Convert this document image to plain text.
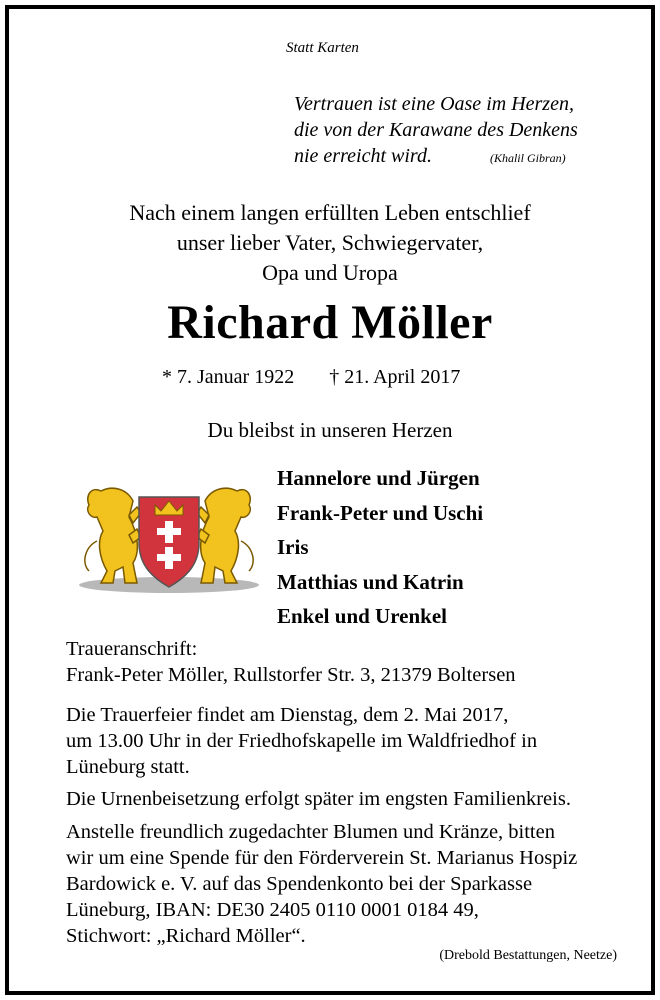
Statt Karten
Vertrauen ist eine Oase im Herzen,
die von der Karawane des Denkens
nie erreicht wird.	(Khalil Gibran)
Nach einem langen erfüllten Leben entschlief
unser lieber Vater, Schwiegervater,
Opa und Uropa
Richard Möller
* 7. Januar 1922 † 21. April 2017
Du bleibst in unseren Herzen
Hannelore und Jürgen
Frank-Peter und Uschi
Iris
Matthias und Katrin
Enkel und Urenkel
Traueranschrift:
Frank-Peter Möller, Rullstorfer Str. 3, 21379 Boltersen
Die Trauerfeier findet am Dienstag, dem 2. Mai 2017,
um 13.00 Uhr in der Friedhofskapelle im Waldfriedhof in
Lüneburg statt.
Die Urnenbeisetzung erfolgt später im engsten Familienkreis.
Anstelle freundlich zugedachter Blumen und Kränze, bitten
wir um eine Spende für den Förderverein St. Marianus Hospiz
Bardowick e. V. auf das Spendenkonto bei der Sparkasse
Lüneburg, IBAN: DE30 2405 0110 0001 0184 49,
Stichwort: „Richard Möller“.
(Drebold Bestattungen, Neetze)
